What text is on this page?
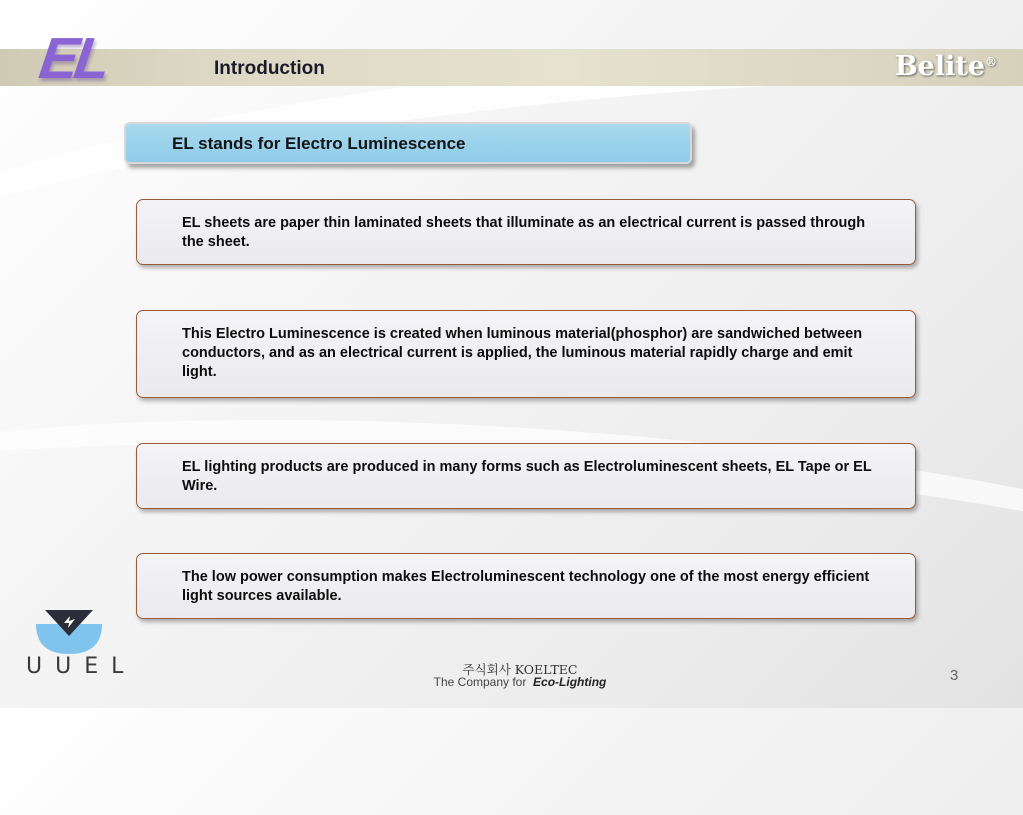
EL	Introduction	Belite®
EL stands for Electro Luminescence

EL sheets are paper thin laminated sheets that illuminate as an electrical current is passed through the sheet.

This Electro Luminescence is created when luminous material(phosphor) are sandwiched between conductors, and as an electrical current is applied, the luminous material rapidly charge and emit light.

EL lighting products are produced in many forms such as Electroluminescent sheets, EL Tape or EL Wire.

The low power consumption makes Electroluminescent technology one of the most energy efficient light sources available.

UUEL	주식회사 KOELTEC
The Company for Eco-Lighting	3
